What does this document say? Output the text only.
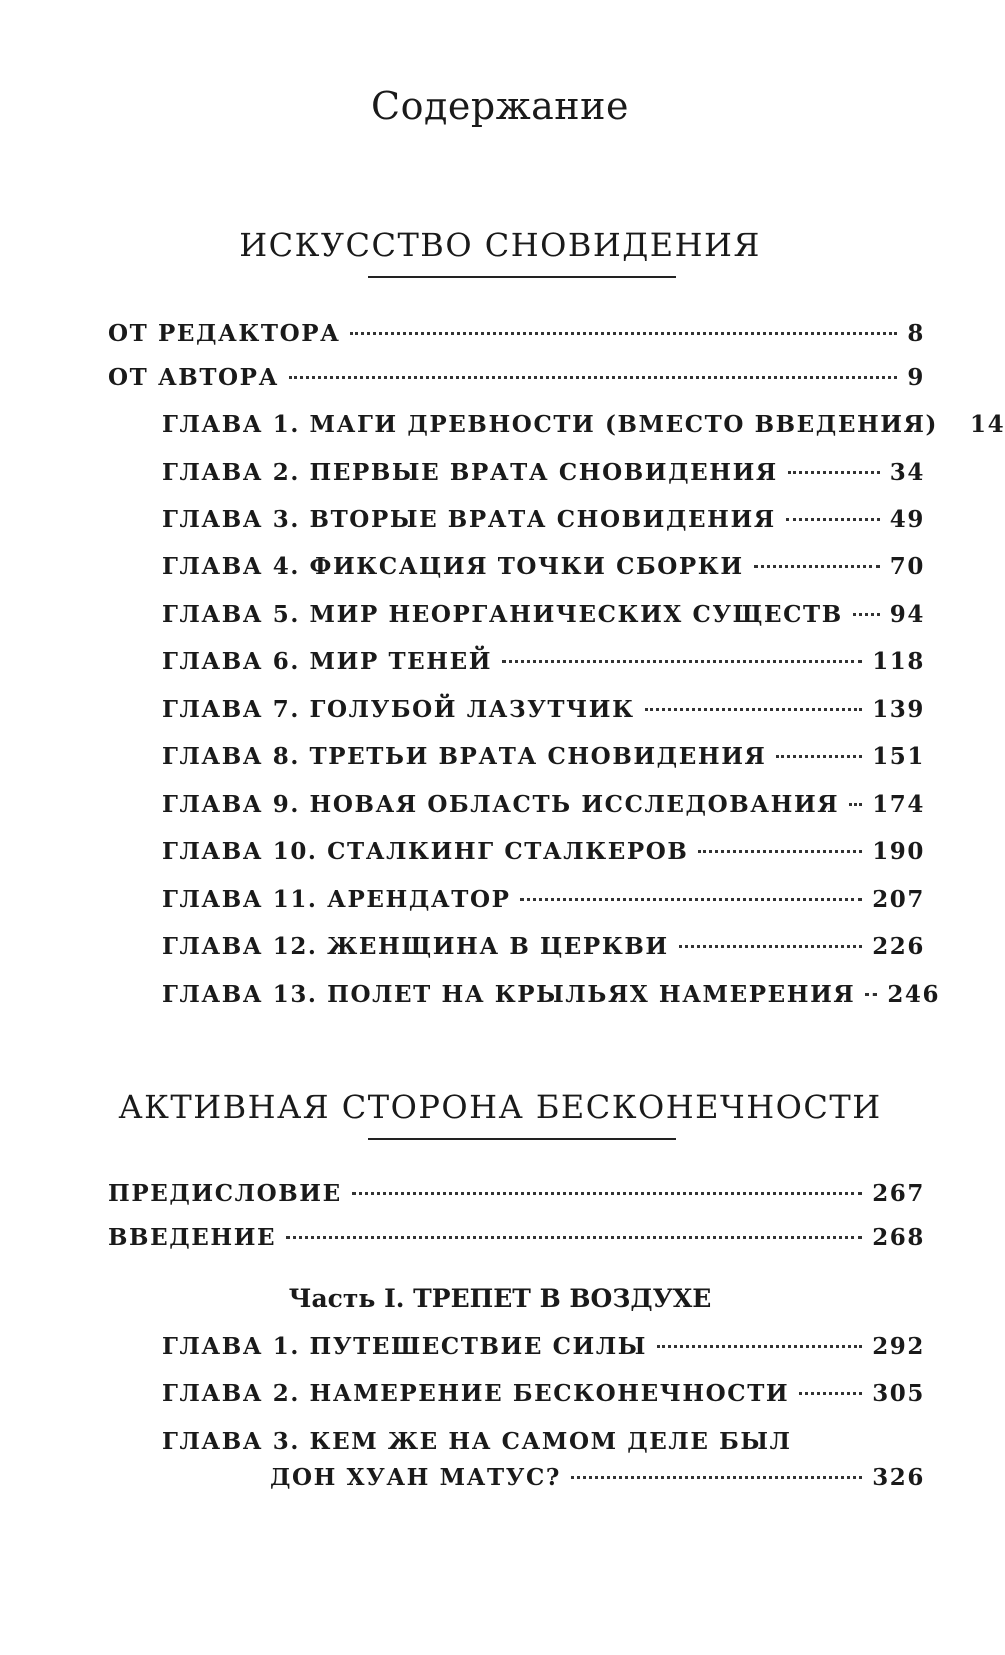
Содержание
ИСКУССТВО СНОВИДЕНИЯ
ОТ РЕДАКТОРА	8
ОТ АВТОРА	9
ГЛАВА 1. МАГИ ДРЕВНОСТИ (ВМЕСТО ВВЕДЕНИЯ) 14
ГЛАВА 2. ПЕРВЫЕ ВРАТА СНОВИДЕНИЯ	34
ГЛАВА 3. ВТОРЫЕ ВРАТА СНОВИДЕНИЯ	49
ГЛАВА 4. ФИКСАЦИЯ ТОЧКИ СБОРКИ	70
ГЛАВА 5. МИР НЕОРГАНИЧЕСКИХ СУЩЕСТВ 94
ГЛАВА 6. МИР ТЕНЕЙ	118
ГЛАВА 7. ГОЛУБОЙ ЛАЗУТЧИК	139
ГЛАВА 8. ТРЕТЬИ ВРАТА СНОВИДЕНИЯ	151
ГЛАВА 9. НОВАЯ ОБЛАСТЬ ИССЛЕДОВАНИЯ 174
ГЛАВА 10. СТАЛКИНГ СТАЛКЕРОВ	190
ГЛАВА 11. АРЕНДАТОР	207
ГЛАВА 12. ЖЕНЩИНА В ЦЕРКВИ	226
ГЛАВА 13. ПОЛЕТ НА КРЫЛЬЯХ НАМЕРЕНИЯ 246
АКТИВНАЯ СТОРОНА БЕСКОНЕЧНОСТИ
ПРЕДИСЛОВИЕ	267
ВВЕДЕНИЕ	268
Часть I. ТРЕПЕТ В ВОЗДУХЕ
ГЛАВА 1. ПУТЕШЕСТВИЕ СИЛЫ	292
ГЛАВА 2. НАМЕРЕНИЕ БЕСКОНЕЧНОСТИ	305
ГЛАВА 3. КЕМ ЖЕ НА САМОМ ДЕЛЕ БЫЛ
ДОН ХУАН МАТУС?	326
